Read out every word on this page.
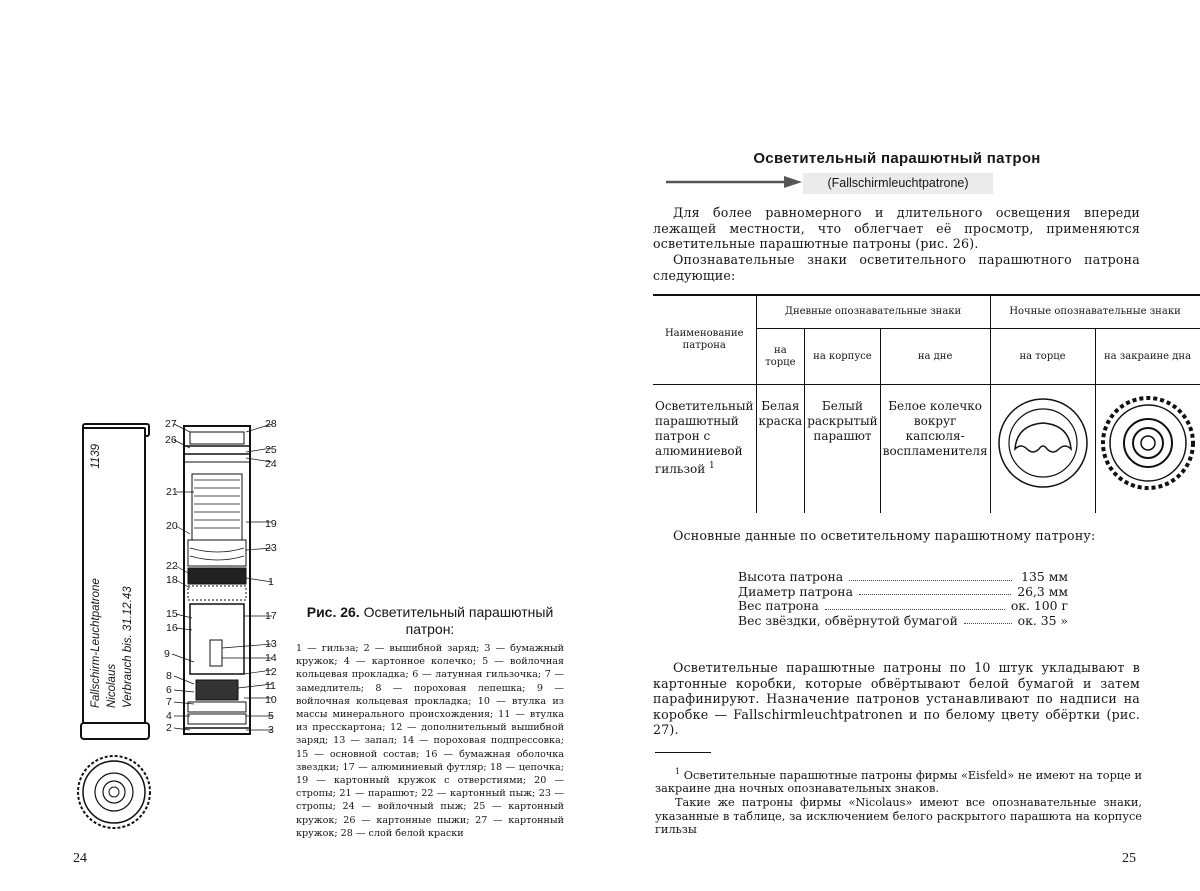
Fallschirm-Leuchtpatrone
1139
Nicolaus Verbrauch bis. 31.12.43
27
26
21
20
22
18
15
16
9
8
6
7
4
2
28
25
24
19
23
1
17
13
14
11
10
12
5
3
Рис. 26. Осветительный парашютный патрон:
1 — гильза; 2 — вышибной заряд; 3 — бумажный кружок; 4 — картонное колечко; 5 — войлочная кольцевая прокладка; 6 — латунная гильзочка; 7 — замедлитель; 8 — пороховая лепешка; 9 — войлочная кольцевая прокладка; 10 — втулка из массы минерального происхождения; 11 — втулка из пресскартона; 12 — дополнительный вышибной заряд; 13 — запал; 14 — пороховая подпрессовка; 15 — основной состав; 16 — бумажная оболочка звездки; 17 — алюминиевый футляр; 18 — цепочка; 19 — картонный кружок с отверстиями; 20 — стропы; 21 — парашют; 22 — картонный пыж; 23 — стропы; 24 — войлочный пыж; 25 — картонный кружок; 26 — картонные пыжи; 27 — картонный кружок; 28 — слой белой краски
24
Осветительный парашютный патрон
(Fallschirmleuchtpatrone)
Для более равномерного и длительного освещения впереди лежащей местности, что облегчает её просмотр, применяются осветительные парашютные патроны (рис. 26).
Опознавательные знаки осветительного парашютного патрона следующие:
Наименование патрона	Дневные опознавательные знаки			Ночные опознавательные знаки	
	на торце	на корпусе	на дне	на торце	на закраине дна
Осветительный парашютный патрон с алюминиевой гильзой $^1$	Белая краска	Белый раскрытый парашют	Белое колечко вокруг капсюля-воспламенителя		
Основные данные по осветительному парашютному патрону:
Высота патрона	135 мм
Диаметр патрона	26,3 мм
Вес патрона	ок. 100 г
Вес звёздки, обвёрнутой бумагой	ок. 35 »
Осветительные парашютные патроны по 10 штук укладывают в картонные коробки, которые обвёртывают белой бумагой и затем парафинируют. Назначение патронов устанавливают по надписи на коробке — Fallschirmleuchtpatronen и по белому цвету обёртки (рис. 27).
$^1$ Осветительные парашютные патроны фирмы «Eisfeld» не имеют на торце и закраине дна ночных опознавательных знаков.
Такие же патроны фирмы «Nicolaus» имеют все опознавательные знаки, указанные в таблице, за исключением белого раскрытого парашюта на корпусе гильзы
25
